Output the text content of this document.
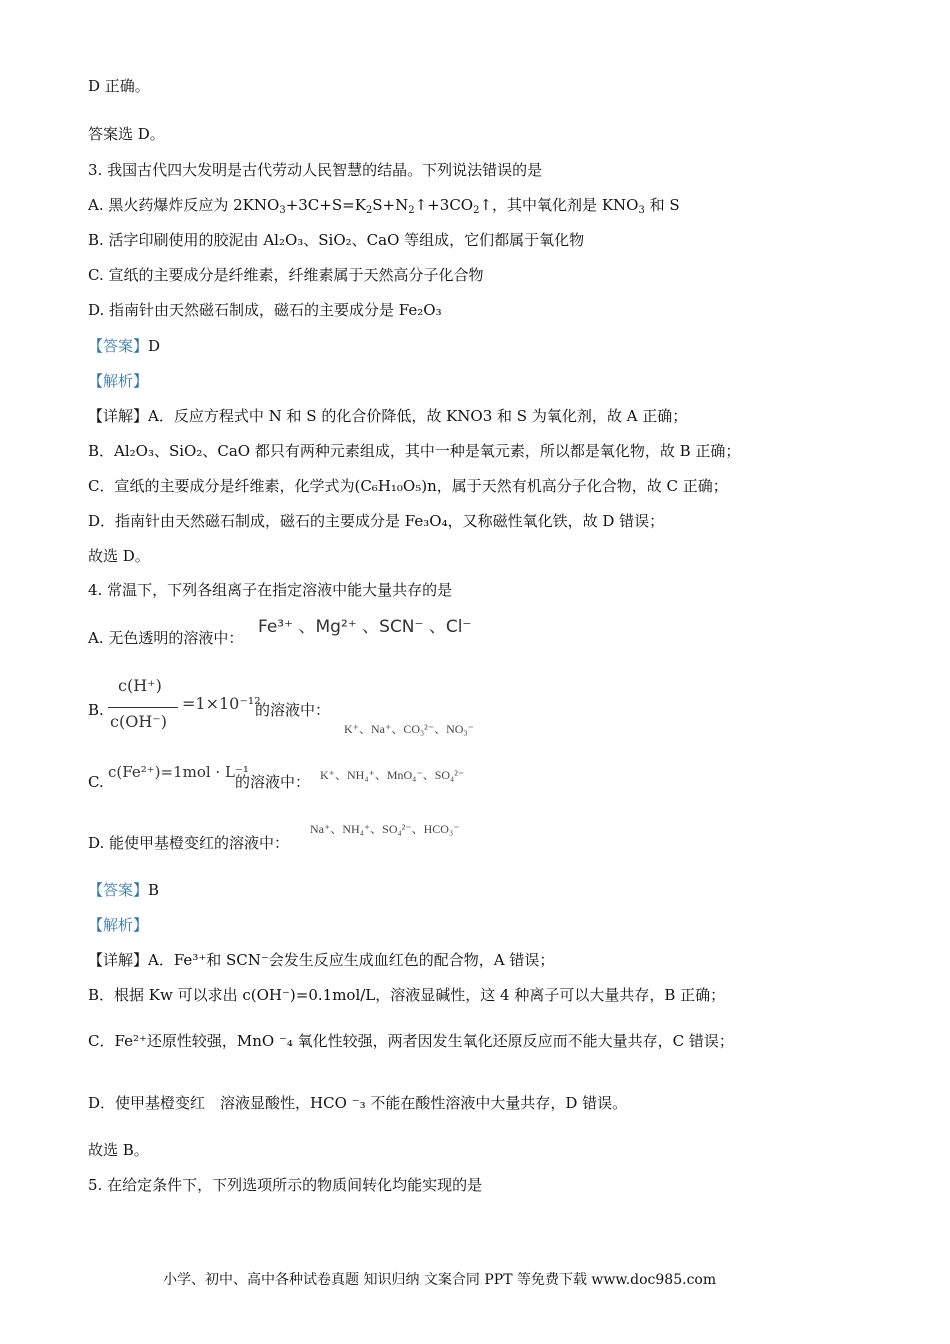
D 正确。
答案选 D。
3. 我国古代四大发明是古代劳动人民智慧的结晶。下列说法错误的是
A. 黑火药爆炸反应为 $2KNO_3+3C+S=K_2S+N_2↑+3CO_2↑$，其中氧化剂是 $KNO_3$ 和 S
B. 活字印刷使用的胶泥由 Al₂O₃、SiO₂、CaO 等组成，它们都属于氧化物
C. 宣纸的主要成分是纤维素，纤维素属于天然高分子化合物
D. 指南针由天然磁石制成，磁石的主要成分是 Fe₂O₃
【答案】D
【解析】
【详解】A．反应方程式中 N 和 S 的化合价降低，故 KNO3 和 S 为氧化剂，故 A 正确；
B．Al₂O₃、SiO₂、CaO 都只有两种元素组成，其中一种是氧元素，所以都是氧化物，故 B 正确；
C．宣纸的主要成分是纤维素，化学式为(C₆H₁₀O₅)n，属于天然有机高分子化合物，故 C 正确；
D．指南针由天然磁石制成，磁石的主要成分是 Fe₃O₄，又称磁性氧化铁，故 D 错误；
故选 D。
4. 常温下，下列各组离子在指定溶液中能大量共存的是
A. 无色透明的溶液中：
Fe³⁺ 、Mg²⁺ 、SCN⁻ 、Cl⁻
B.
c(H⁺)
c(OH⁻)
=1×10⁻¹²
的溶液中：
K⁺、Na⁺、CO₃²⁻、NO₃⁻
C.
c(Fe²⁺)=1mol · L⁻¹
的溶液中： K⁺、NH₄⁺、MnO₄⁻、SO₄²⁻
D. 能使甲基橙变红的溶液中：
Na⁺、NH₄⁺、SO₄²⁻、HCO₃⁻
【答案】B
【解析】
【详解】A．Fe³⁺和 SCN⁻会发生反应生成血红色的配合物，A 错误；
B．根据 Kw 可以求出 c(OH⁻)=0.1mol/L，溶液显碱性，这 4 种离子可以大量共存，B 正确；
C．Fe²⁺还原性较强，MnO ⁻₄ 氧化性较强，两者因发生氧化还原反应而不能大量共存，C 错误；
D．使甲基橙变红　溶液显酸性，HCO ⁻₃ 不能在酸性溶液中大量共存，D 错误。
故选 B。
5. 在给定条件下，下列选项所示的物质间转化均能实现的是
小学、初中、高中各种试卷真题 知识归纳 文案合同 PPT 等免费下载 www.doc985.com
